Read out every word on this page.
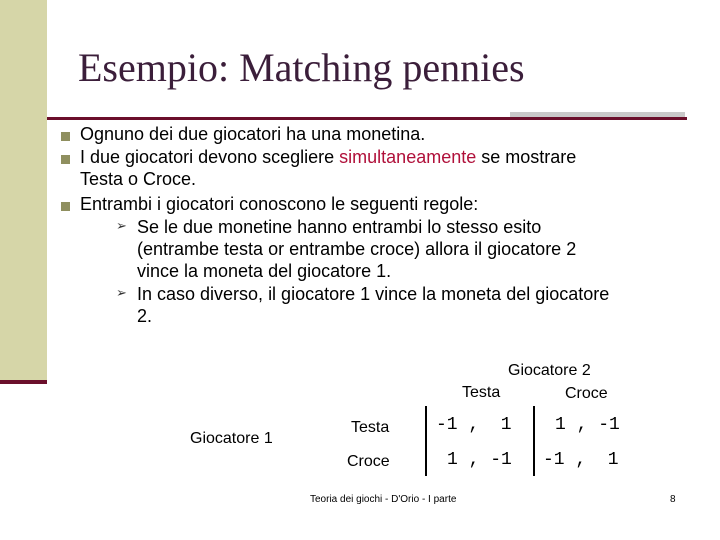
Esempio: Matching pennies
Ognuno dei due giocatori ha una monetina.
I due giocatori devono scegliere simultaneamente se mostrare
Testa o Croce.
Entrambi i giocatori conoscono le seguenti regole:
➢ Se le due monetine hanno entrambi lo stesso esito
(entrambe testa or entrambe croce) allora il giocatore 2
vince la moneta del giocatore 1.
➢ In caso diverso, il giocatore 1 vince la moneta del giocatore
2.
Giocatore 2
Testa	Croce
Giocatore 1
Testa
Croce
-1 ,  1 1 , -1
1 , -1 -1 ,  1
Teoria dei giochi - D'Orio - I parte	8
